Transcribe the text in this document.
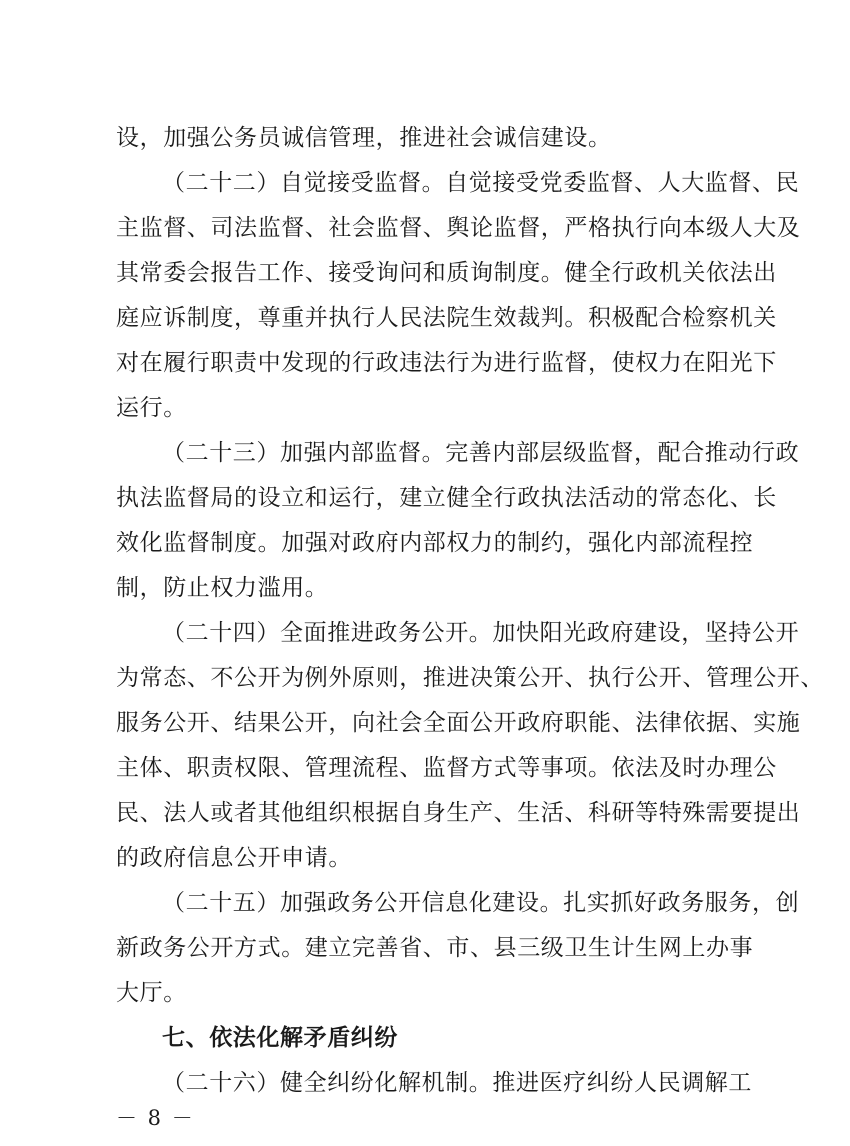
设，加强公务员诚信管理，推进社会诚信建设。
（二十二）自觉接受监督。自觉接受党委监督、人大监督、民
主监督、司法监督、社会监督、舆论监督，严格执行向本级人大及
其常委会报告工作、接受询问和质询制度。健全行政机关依法出
庭应诉制度，尊重并执行人民法院生效裁判。积极配合检察机关
对在履行职责中发现的行政违法行为进行监督，使权力在阳光下
运行。
（二十三）加强内部监督。完善内部层级监督，配合推动行政
执法监督局的设立和运行，建立健全行政执法活动的常态化、长
效化监督制度。加强对政府内部权力的制约，强化内部流程控
制，防止权力滥用。
（二十四）全面推进政务公开。加快阳光政府建设，坚持公开
为常态、不公开为例外原则，推进决策公开、执行公开、管理公开、
服务公开、结果公开，向社会全面公开政府职能、法律依据、实施
主体、职责权限、管理流程、监督方式等事项。依法及时办理公
民、法人或者其他组织根据自身生产、生活、科研等特殊需要提出
的政府信息公开申请。
（二十五）加强政务公开信息化建设。扎实抓好政务服务，创
新政务公开方式。建立完善省、市、县三级卫生计生网上办事
大厅。
七、依法化解矛盾纠纷
（二十六）健全纠纷化解机制。推进医疗纠纷人民调解工
－ 8 －
